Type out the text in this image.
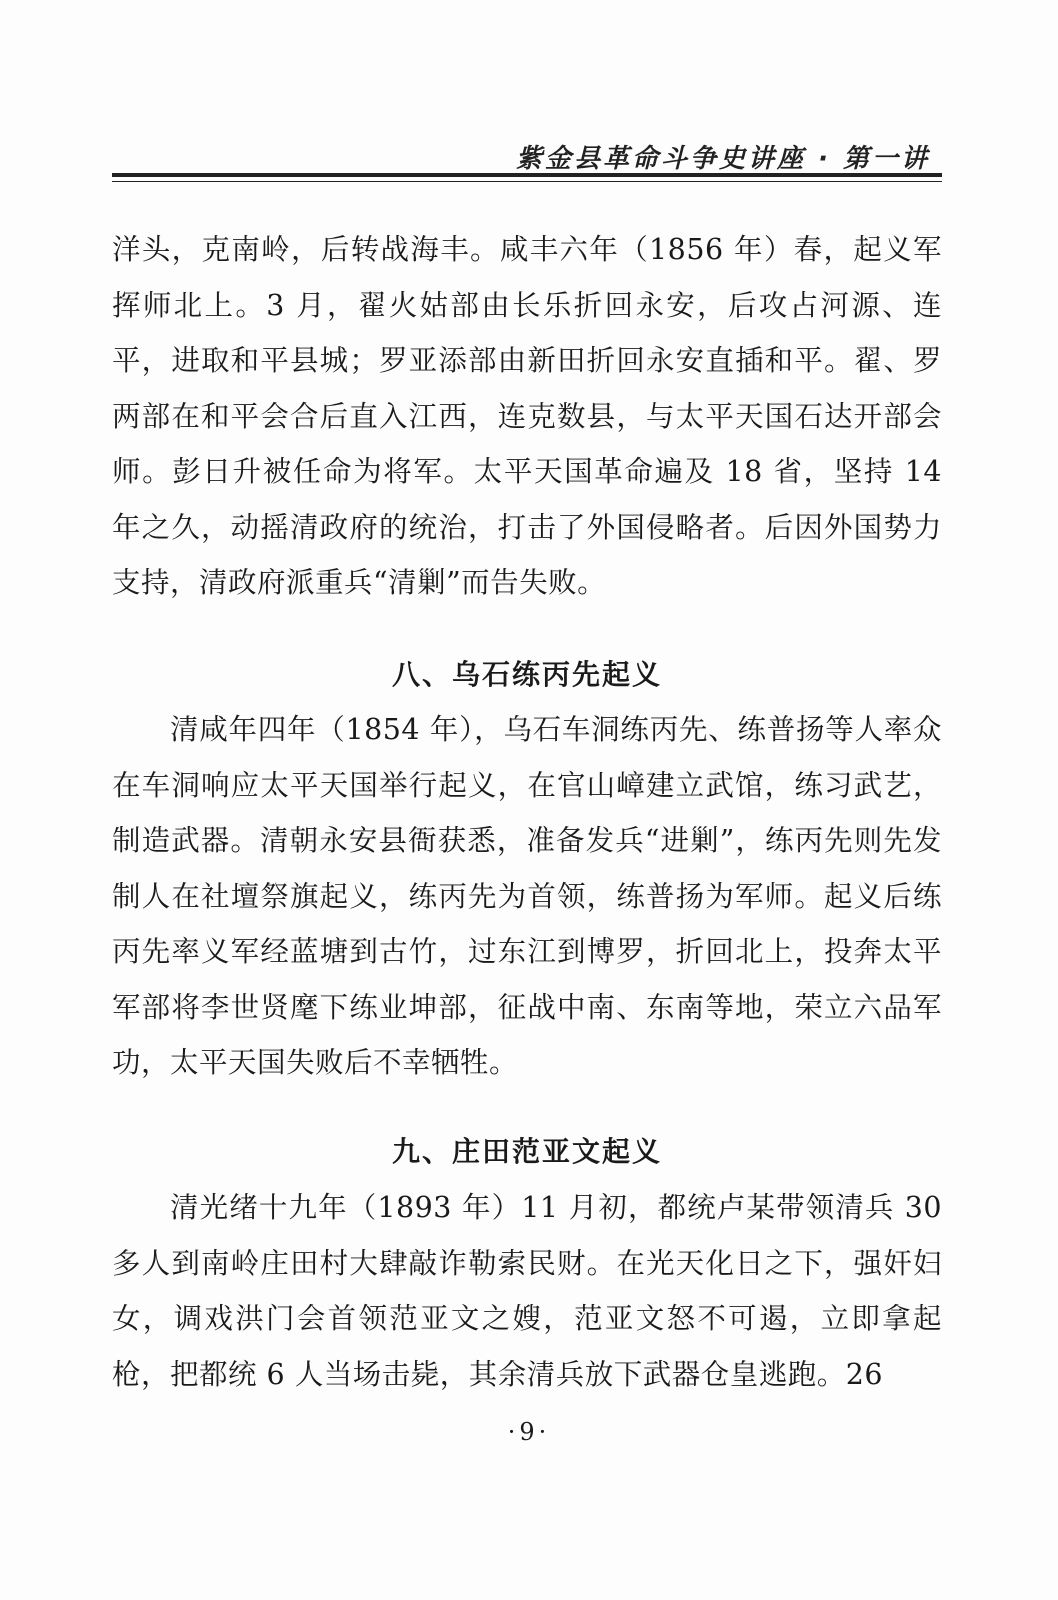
紫金县革命斗争史讲座 · 第一讲

洋头，克南岭，后转战海丰。咸丰六年（1856 年）春，起义军挥师北上。3 月，翟火姑部由长乐折回永安，后攻占河源、连平，进取和平县城；罗亚添部由新田折回永安直插和平。翟、罗两部在和平会合后直入江西，连克数县，与太平天国石达开部会师。彭日升被任命为将军。太平天国革命遍及 18 省，坚持 14 年之久，动摇清政府的统治，打击了外国侵略者。后因外国势力支持，清政府派重兵“清剿”而告失败。

八、乌石练丙先起义

清咸年四年（1854 年），乌石车洞练丙先、练普扬等人率众在车洞响应太平天国举行起义，在官山嶂建立武馆，练习武艺，制造武器。清朝永安县衙获悉，准备发兵“进剿”，练丙先则先发制人在社壇祭旗起义，练丙先为首领，练普扬为军师。起义后练丙先率义军经蓝塘到古竹，过东江到博罗，折回北上，投奔太平军部将李世贤麾下练业坤部，征战中南、东南等地，荣立六品军功，太平天国失败后不幸牺牲。

九、庄田范亚文起义

清光绪十九年（1893 年）11 月初，都统卢某带领清兵 30 多人到南岭庄田村大肆敲诈勒索民财。在光天化日之下，强奸妇女，调戏洪门会首领范亚文之嫂，范亚文怒不可遏，立即拿起枪，把都统 6 人当场击毙，其余清兵放下武器仓皇逃跑。26

·9·
